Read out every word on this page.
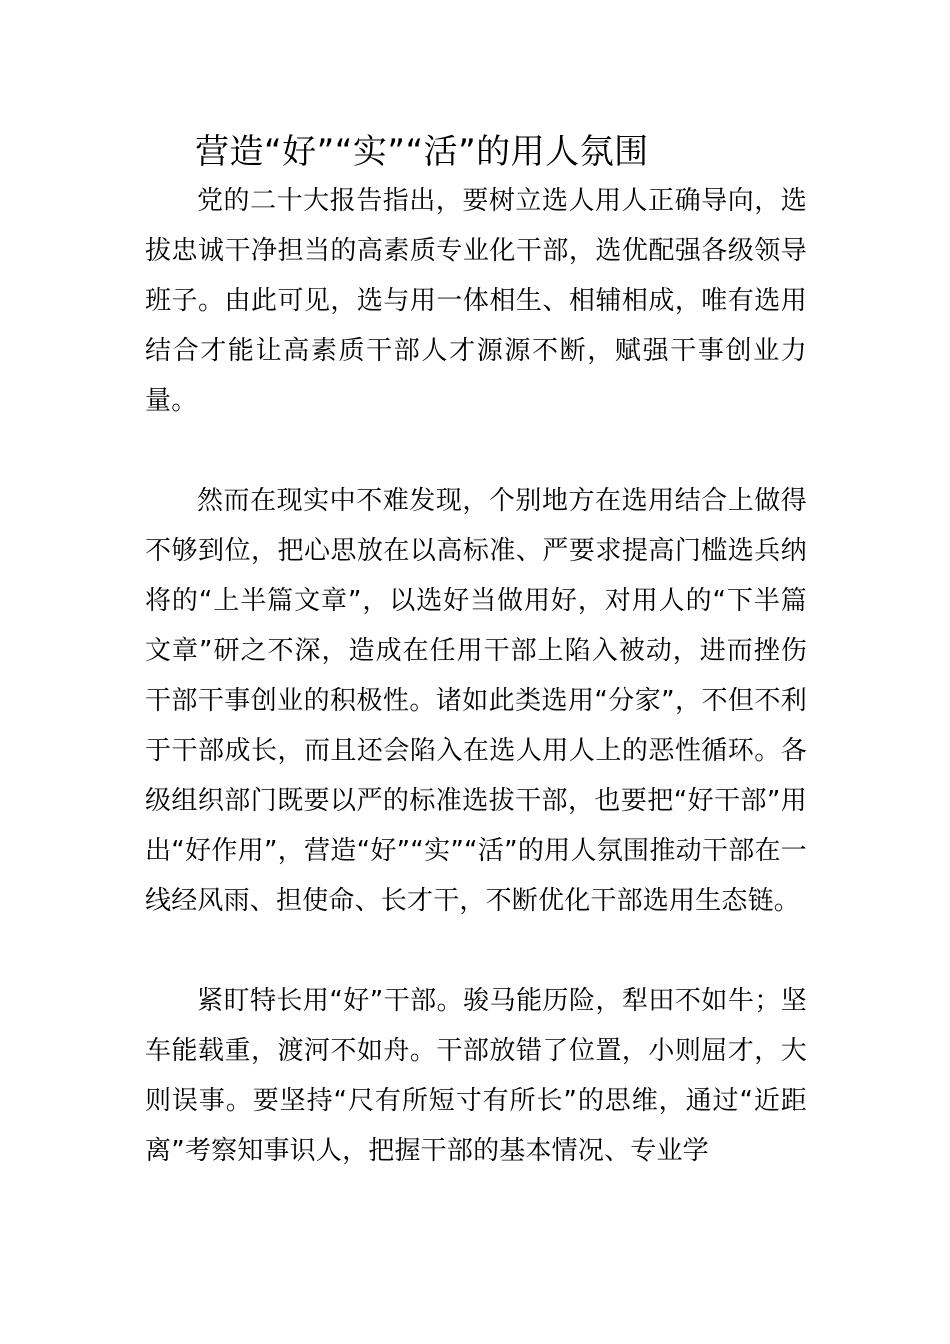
营造“好”“实”“活”的用人氛围

党的二十大报告指出，要树立选人用人正确导向，选拔忠诚干净担当的高素质专业化干部，选优配强各级领导班子。由此可见，选与用一体相生、相辅相成，唯有选用结合才能让高素质干部人才源源不断，赋强干事创业力量。

然而在现实中不难发现，个别地方在选用结合上做得不够到位，把心思放在以高标准、严要求提高门槛选兵纳将的“上半篇文章”，以选好当做用好，对用人的“下半篇文章”研之不深，造成在任用干部上陷入被动，进而挫伤干部干事创业的积极性。诸如此类选用“分家”，不但不利于干部成长，而且还会陷入在选人用人上的恶性循环。各级组织部门既要以严的标准选拔干部，也要把“好干部”用出“好作用”，营造“好”“实”“活”的用人氛围推动干部在一线经风雨、担使命、长才干，不断优化干部选用生态链。

紧盯特长用“好”干部。骏马能历险，犁田不如牛；坚车能载重，渡河不如舟。干部放错了位置，小则屈才，大则误事。要坚持“尺有所短寸有所长”的思维，通过“近距离”考察知事识人，把握干部的基本情况、专业学
